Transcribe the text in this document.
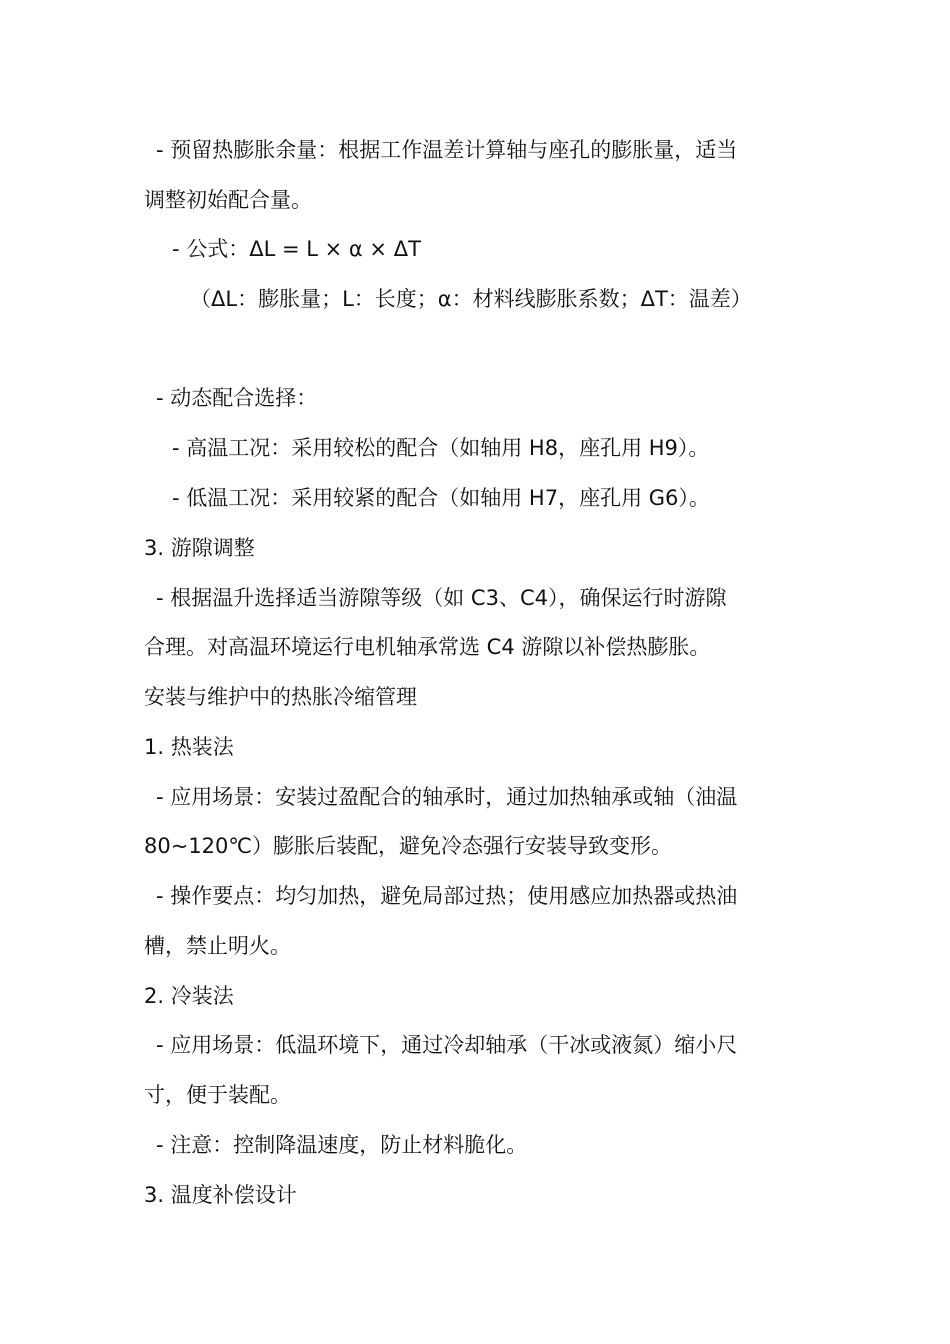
- 预留热膨胀余量：根据工作温差计算轴与座孔的膨胀量，适当
调整初始配合量。
- 公式：ΔL = L × α × ΔT
（ΔL：膨胀量；L：长度；α：材料线膨胀系数；ΔT：温差）
- 动态配合选择：
- 高温工况：采用较松的配合（如轴用 H8，座孔用 H9）。
- 低温工况：采用较紧的配合（如轴用 H7，座孔用 G6）。
3. 游隙调整
- 根据温升选择适当游隙等级（如 C3、C4），确保运行时游隙
合理。对高温环境运行电机轴承常选 C4 游隙以补偿热膨胀。
安装与维护中的热胀冷缩管理
1. 热装法
- 应用场景：安装过盈配合的轴承时，通过加热轴承或轴（油温
80~120℃）膨胀后装配，避免冷态强行安装导致变形。
- 操作要点：均匀加热，避免局部过热；使用感应加热器或热油
槽，禁止明火。
2. 冷装法
- 应用场景：低温环境下，通过冷却轴承（干冰或液氮）缩小尺
寸，便于装配。
- 注意：控制降温速度，防止材料脆化。
3. 温度补偿设计
